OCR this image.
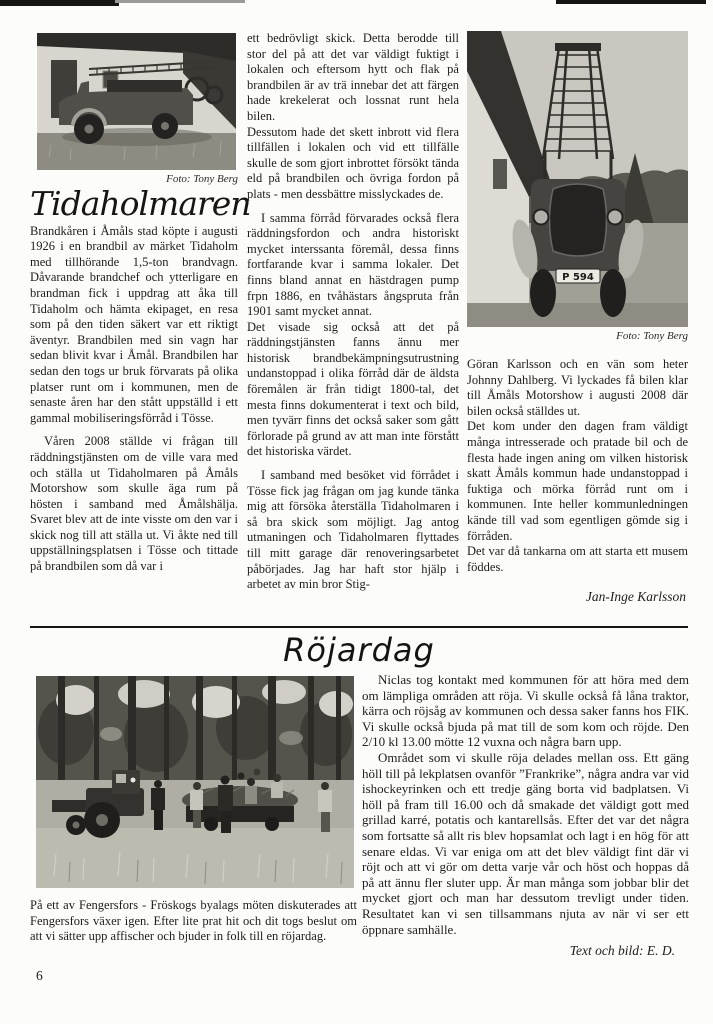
Foto: Tony Berg
Tidaholmaren

Brandkåren i Åmåls stad köpte i augusti 1926 i en brandbil av märket Tidaholm med tillhörande 1,5-ton brandvagn. Dåvarande brandchef och ytterligare en brandman fick i uppdrag att åka till Tidaholm och hämta ekipaget, en resa som på den tiden säkert var ett riktigt äventyr. Brandbilen med sin vagn har sedan blivit kvar i Åmål. Brandbilen har sedan den togs ur bruk förvarats på olika platser runt om i kommunen, men de senaste åren har den stått uppställd i ett gammal mobiliseringsförråd i Tösse.

Våren 2008 ställde vi frågan till räddningstjänsten om de ville vara med och ställa ut Tidaholmaren på Åmåls Motorshow som skulle äga rum på hösten i samband med Åmålshälja. Svaret blev att de inte visste om den var i skick nog till att ställa ut. Vi åkte ned till uppställningsplatsen i Tösse och tittade på brandbilen som då var i

ett bedrövligt skick. Detta berodde till stor del på att det var väldigt fuktigt i lokalen och eftersom hytt och flak på brandbilen är av trä innebar det att färgen hade krekelerat och lossnat runt hela bilen.

Dessutom hade det skett inbrott vid flera tillfällen i lokalen och vid ett tillfälle skulle de som gjort inbrottet försökt tända eld på brandbilen och övriga fordon på plats - men dessbättre misslyckades de.

I samma förråd förvarades också flera räddningsfordon och andra historiskt mycket interssanta föremål, dessa finns fortfarande kvar i samma lokaler. Det finns bland annat en hästdragen pump frpn 1886, en tvåhästars ångspruta från 1901 samt mycket annat.

Det visade sig också att det på räddningstjänsten fanns ännu mer historisk brandbekämpningsutrustning undanstoppad i olika förråd där de äldsta föremålen är från tidigt 1800-tal, det mesta finns dokumenterat i text och bild, men tyvärr finns det också saker som gått förlorade på grund av att man inte förstått det historiska värdet.

I samband med besöket vid förrådet i Tösse fick jag frågan om jag kunde tänka mig att försöka återställa Tidaholmaren i så bra skick som möjligt. Jag antog utmaningen och Tidaholmaren flyttades till mitt garage där renoveringsarbetet påbörjades. Jag har haft stor hjälp i arbetet av min bror Stig-

P 594
Foto: Tony Berg

Göran Karlsson och en vän som heter Johnny Dahlberg. Vi lyckades få bilen klar till Åmåls Motorshow i augusti 2008 där bilen också ställdes ut.

Det kom under den dagen fram väldigt många intresserade och pratade bil och de flesta hade ingen aning om vilken historisk skatt Åmåls kommun hade undanstoppad i fuktiga och mörka förråd runt om i kommunen. Inte heller kommunledningen kände till vad som egentligen gömde sig i förråden.

Det var då tankarna om att starta ett musem föddes.

Jan-Inge Karlsson
Röjardag

På ett av Fengersfors - Fröskogs byalags möten diskuterades att Fengersfors växer igen. Efter lite prat hit och dit togs beslut om att vi sätter upp affischer och bjuder in folk till en röjardag.

Niclas tog kontakt med kommunen för att höra med dem om lämpliga områden att röja. Vi skulle också få låna traktor, kärra och röjsåg av kommunen och dessa saker fanns hos FIK. Vi skulle också bjuda på mat till de som kom och röjde. Den 2/10 kl 13.00 mötte 12 vuxna och några barn upp.

Området som vi skulle röja delades mellan oss. Ett gäng höll till på lekplatsen ovanför ”Frankrike”, några andra var vid ishockeyrinken och ett tredje gäng borta vid badplatsen. Vi höll på fram till 16.00 och då smakade det väldigt gott med grillad karré, potatis och kantarellsås. Efter det var det några som fortsatte så allt ris blev hopsamlat och lagt i en hög för att senare eldas. Vi var eniga om att det blev väldigt fint där vi röjt och att vi gör om detta varje vår och höst och hoppas då på att ännu fler sluter upp. Är man många som jobbar blir det mycket gjort och man har dessutom trevligt under tiden. Resultatet kan vi sen tillsammans njuta av när vi ser ett öppnare samhälle.

Text och bild: E. D.
6
